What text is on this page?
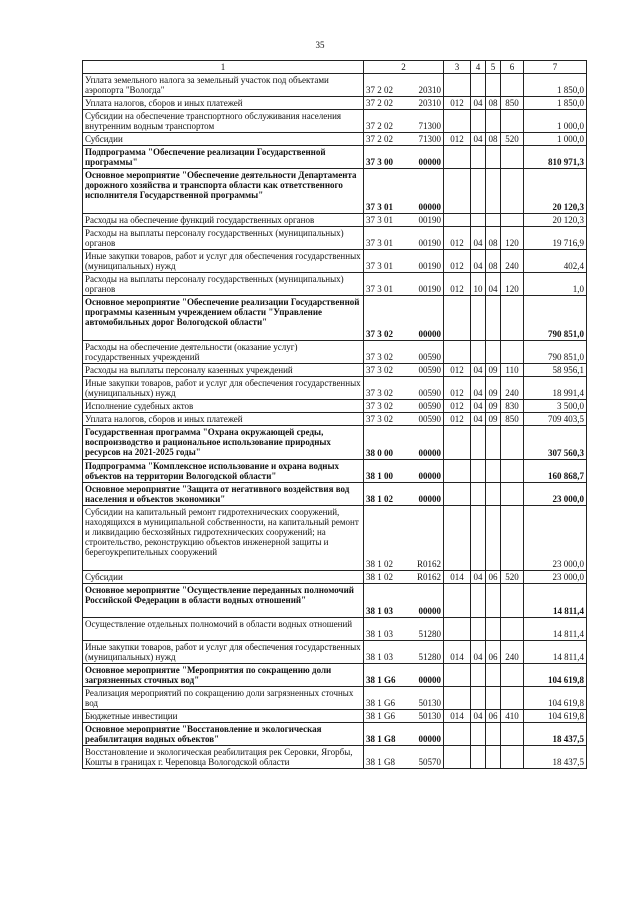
35
1	2		3	4	5	6	7
Уплата земельного налога за земельный участок под объектами аэропорта "Вологда"	37 2 02	20310					1 850,0
Уплата налогов, сборов и иных платежей	37 2 02	20310	012	04	08	850	1 850,0
Субсидии на обеспечение транспортного обслуживания населения внутренним водным транспортом	37 2 02	71300					1 000,0
Субсидии	37 2 02	71300	012	04	08	520	1 000,0
Подпрограмма "Обеспечение реализации Государственной программы"	37 3 00	00000					810 971,3
Основное мероприятие "Обеспечение деятельности Департамента дорожного хозяйства и транспорта области как ответственного исполнителя Государственной программы"	37 3 01	00000					20 120,3
Расходы на обеспечение функций государственных органов	37 3 01	00190					20 120,3
Расходы на выплаты персоналу государственных (муниципальных) органов	37 3 01	00190	012	04	08	120	19 716,9
Иные закупки товаров, работ и услуг для обеспечения государственных (муниципальных) нужд	37 3 01	00190	012	04	08	240	402,4
Расходы на выплаты персоналу государственных (муниципальных) органов	37 3 01	00190	012	10	04	120	1,0
Основное мероприятие "Обеспечение реализации Государственной программы казенным учреждением области "Управление автомобильных дорог Вологодской области"	37 3 02	00000					790 851,0
Расходы на обеспечение деятельности (оказание услуг) государственных учреждений	37 3 02	00590					790 851,0
Расходы на выплаты персоналу казенных учреждений	37 3 02	00590	012	04	09	110	58 956,1
Иные закупки товаров, работ и услуг для обеспечения государственных (муниципальных) нужд	37 3 02	00590	012	04	09	240	18 991,4
Исполнение судебных актов	37 3 02	00590	012	04	09	830	3 500,0
Уплата налогов, сборов и иных платежей	37 3 02	00590	012	04	09	850	709 403,5
Государственная программа "Охрана окружающей среды, воспроизводство и рациональное использование природных ресурсов на 2021-2025 годы"	38 0 00	00000					307 560,3
Подпрограмма "Комплексное использование и охрана водных объектов на территории Вологодской области"	38 1 00	00000					160 868,7
Основное мероприятие "Защита от негативного воздействия вод населения и объектов экономики"	38 1 02	00000					23 000,0
Субсидии на капитальный ремонт гидротехнических сооружений, находящихся в муниципальной собственности, на капитальный ремонт и ликвидацию бесхозяйных гидротехнических сооружений; на строительство, реконструкцию объектов инженерной защиты и берегоукрепительных сооружений	38 1 02	R0162					23 000,0
Субсидии	38 1 02	R0162	014	04	06	520	23 000,0
Основное мероприятие "Осуществление переданных полномочий Российской Федерации в области водных отношений"	38 1 03	00000					14 811,4
Осуществление отдельных полномочий в области водных отношений	38 1 03	51280					14 811,4
Иные закупки товаров, работ и услуг для обеспечения государственных (муниципальных) нужд	38 1 03	51280	014	04	06	240	14 811,4
Основное мероприятие "Мероприятия по сокращению доли загрязненных сточных вод"	38 1 G6	00000					104 619,8
Реализация мероприятий по сокращению доли загрязненных сточных вод	38 1 G6	50130					104 619,8
Бюджетные инвестиции	38 1 G6	50130	014	04	06	410	104 619,8
Основное мероприятие "Восстановление и экологическая реабилитация водных объектов"	38 1 G8	00000					18 437,5
Восстановление и экологическая реабилитация рек Серовки, Ягорбы, Кошты в границах г. Череповца Вологодской области	38 1 G8	50570					18 437,5
